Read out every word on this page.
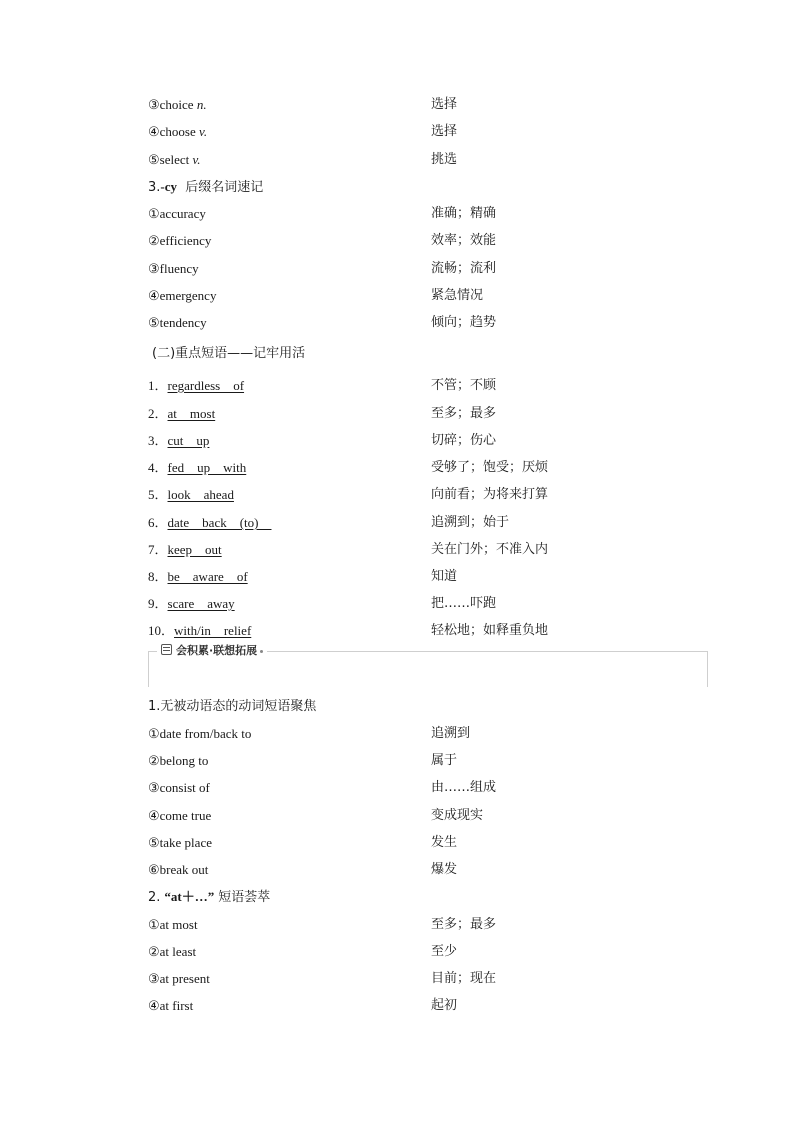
③choice n.	选择
④choose v.	选择
⑤select v.	挑选
3.-cy  后缀名词速记
①accuracy	准确；精确
②efficiency	效率；效能
③fluency	流畅；流利
④emergency	紧急情况
⑤tendency	倾向；趋势
(二)重点短语——记牢用活
1．regardless　of	不管；不顾
2．at　most	至多；最多
3．cut　up	切碎；伤心
4．fed　up　with	受够了；饱受；厌烦
5．look　ahead	向前看；为将来打算
6．date　back　(to)　	追溯到；始于
7．keep　out	关在门外；不准入内
8．be　aware　of	知道
9．scare　away	把……吓跑
10．with/in　relief	轻松地；如释重负地
会积累·联想拓展
1.无被动语态的动词短语聚焦
①date from/back to	追溯到
②belong to	属于
③consist of	由……组成
④come true	变成现实
⑤take place	发生
⑥break out	爆发
2. “at＋…” 短语荟萃
①at most	至多；最多
②at least	至少
③at present	目前；现在
④at first	起初
